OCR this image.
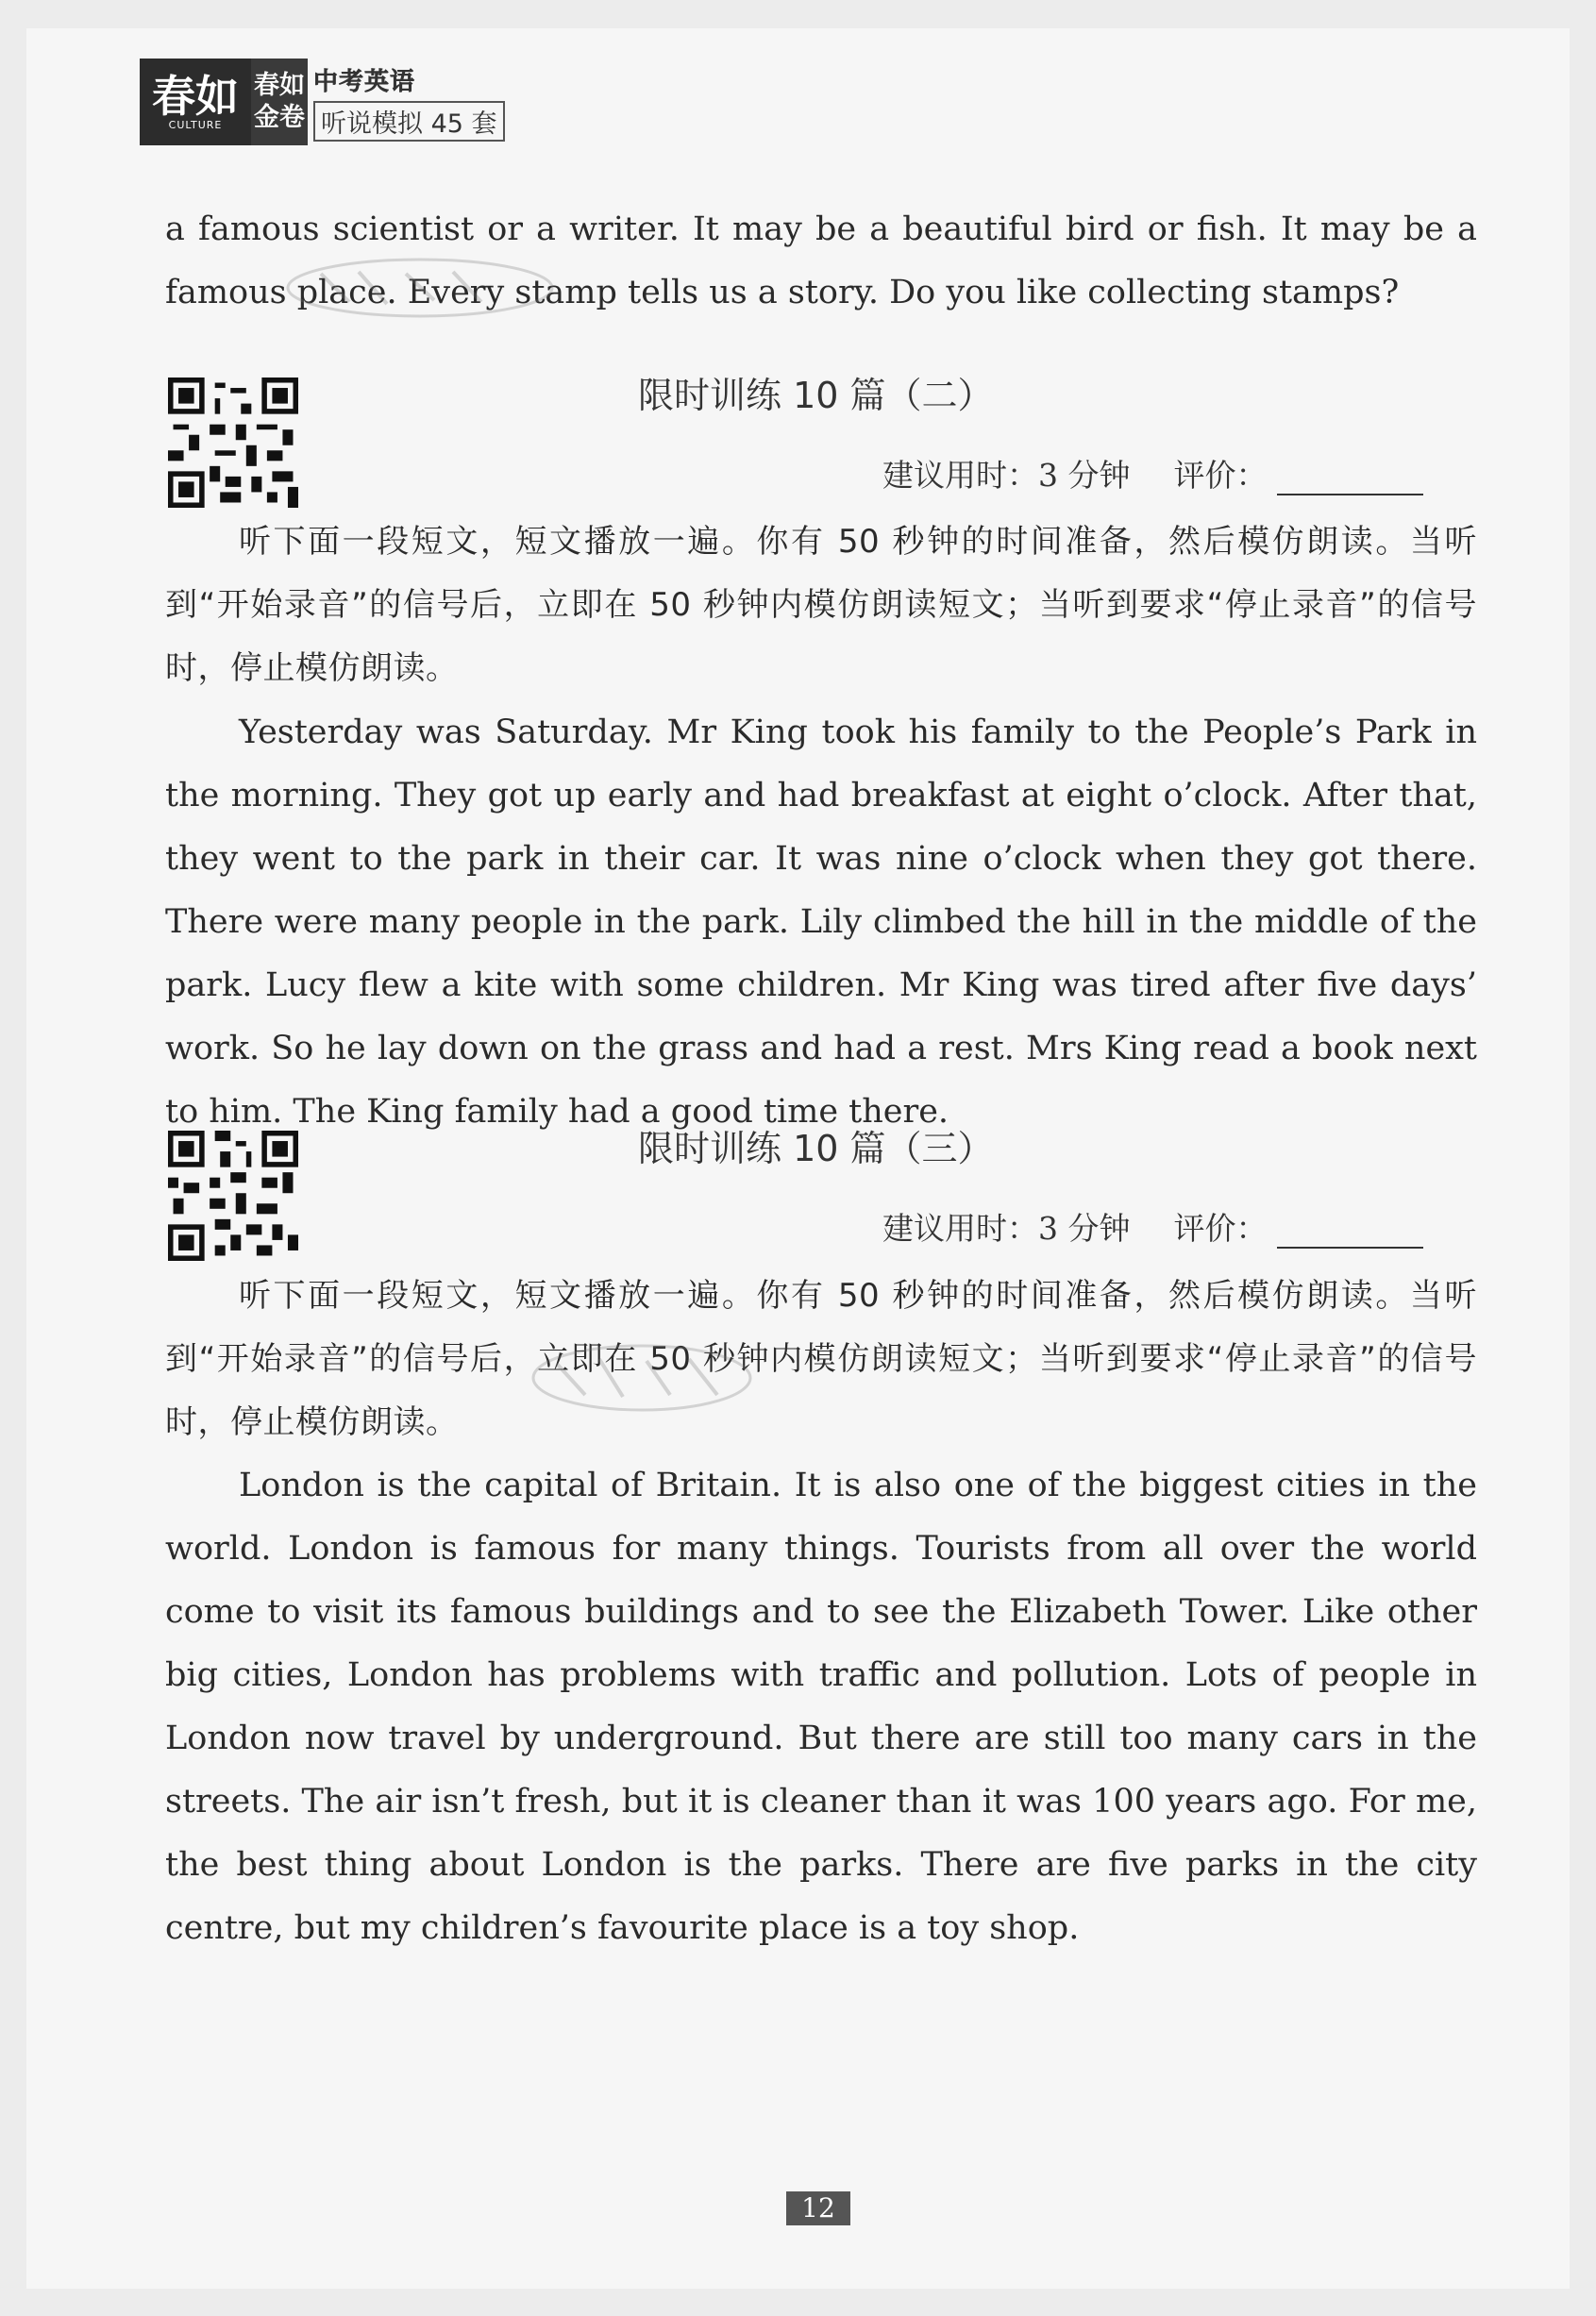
春如
CULTURE
春如
金卷
中考英语
听说模拟 45 套

a famous scientist or a writer. It may be a beautiful bird or fish. It may be a famous place. Every stamp tells us a story. Do you like collecting stamps?

限时训练 10 篇（二）
建议用时：3 分钟 评价：

听下面一段短文，短文播放一遍。你有 50 秒钟的时间准备，然后模仿朗读。当听到“开始录音”的信号后，立即在 50 秒钟内模仿朗读短文；当听到要求“停止录音”的信号时，停止模仿朗读。

Yesterday was Saturday. Mr King took his family to the People’s Park in the morning. They got up early and had breakfast at eight o’clock. After that, they went to the park in their car. It was nine o’clock when they got there. There were many people in the park. Lily climbed the hill in the middle of the park. Lucy flew a kite with some children. Mr King was tired after five days’ work. So he lay down on the grass and had a rest. Mrs King read a book next to him. The King family had a good time there.

限时训练 10 篇（三）
建议用时：3 分钟 评价：

听下面一段短文，短文播放一遍。你有 50 秒钟的时间准备，然后模仿朗读。当听到“开始录音”的信号后，立即在 50 秒钟内模仿朗读短文；当听到要求“停止录音”的信号时，停止模仿朗读。

London is the capital of Britain. It is also one of the biggest cities in the world. London is famous for many things. Tourists from all over the world come to visit its famous buildings and to see the Elizabeth Tower. Like other big cities, London has problems with traffic and pollution. Lots of people in London now travel by underground. But there are still too many cars in the streets. The air isn’t fresh, but it is cleaner than it was 100 years ago. For me, the best thing about London is the parks. There are five parks in the city centre, but my children’s favourite place is a toy shop.

12
